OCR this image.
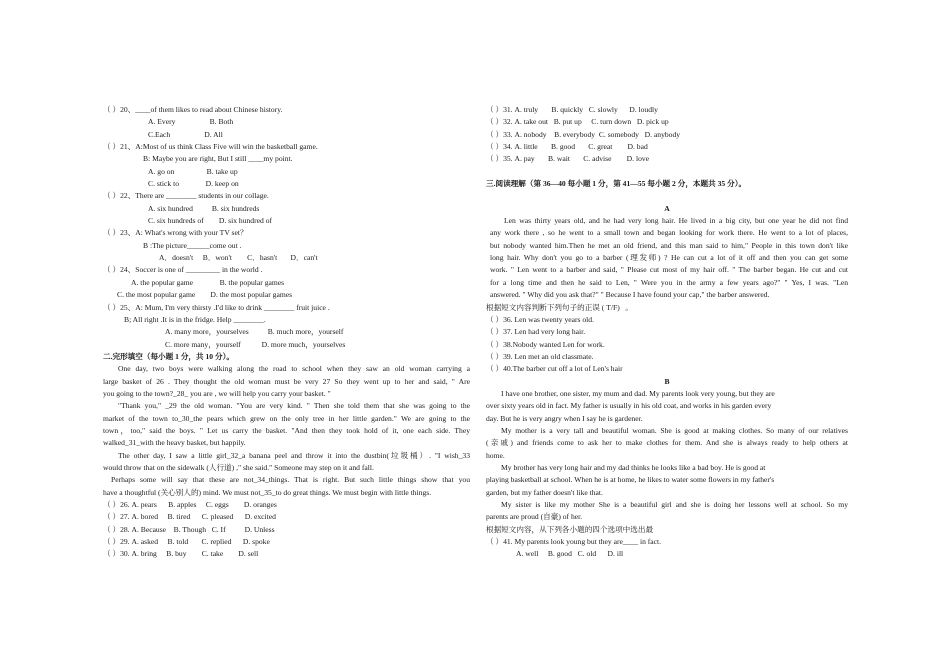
（ ）20、____of them likes to read about Chinese history.
A. Every                  B. Both
C.Each                  D. All
（ ）21、A:Most of us think Class Five will win the basketball game.
B: Maybe you are right, But I still ____my point.
A. go on                 B. take up
C. stick to              D. keep on
（ ）22、There are ________ students in our collage.
A. six hundred          B. six hundreds
C. six hundreds of        D. six hundred of
（ ）23、A: What's wrong with your TV set？
B :The picture______come out .
A．doesn't     B．won't        C．hasn't       D．can't
（ ）24、Soccer is one of _________ in the world .
A. the popular game              B. the popular games
C. the most popular game        D. the most popular games
（ ）25、A: Mum, I'm very thirsty .I'd like to drink ________ fruit juice .
B; All right .It is in the fridge. Help ________.
A. many more，yourselves          B. much more，yourself
C. more many，yourself           D. more much，yourselves
二.完形填空（每小题 1 分，共 10 分）。
One day, two boys were walking along the road to school when they saw an old woman carrying a
large basket of 26 . They thought the old woman must be very 27 So they went up to her and said, " Are
you going to the town?_28_ you are , we will help you carry your basket. "
"Thank you," _29 the old woman. "You are very kind. " Then she told them that she was going to the
market of the town to_30_the pears which grew on the only tree in her little garden." We are going to the
town，too," said the boys. " Let us carry the basket. "And then they took hold of it, one each side. They
walked_31_with the heavy basket, but happily.
The other day, I saw a little girl_32_a banana peel and throw it into the dustbin(垃圾桶）. "I wish_33
would throw that on the sidewalk (人行道) ," she said." Someone may step on it and fall.
Perhaps some will say that these are not_34_things. That is right. But such little things show that you
have a thoughtful (关心别人的) mind. We must not_35_to do great things. We must begin with little things.
（ ）26. A. pears      B. apples     C. eggs        D. oranges
（ ）27. A. bored     B. tired      C. pleased      D. excited
（ ）28. A. Because    B. Though   C. If          D. Unless
（ ）29. A. asked     B. told       C. replied      D. spoke
（ ）30. A. bring     B. buy        C. take        D. sell
（ ）31. A. truly       B. quickly   C. slowly      D. loudly
（ ）32. A. take out   B. put up     C. turn down   D. pick up
（ ）33. A. nobody    B. everybody  C. somebody   D. anybody
（ ）34. A. little       B. good       C. great        D. bad
（ ）35. A. pay       B. wait       C. advise        D. love
三.阅读理解（第 36—40 每小题 1 分，第 41—55 每小题 2 分，本题共 35 分）。
A
Len was thirty years old, and he had very long hair. He lived in a big city, but one year he did not find
any work there , so he went to a small town and began looking for work there. He went to a lot of places,
but nobody wanted him.Then he met an old friend, and this man said to him," People in this town don't like
long hair. Why don't you go to a barber (理发师) ? He can cut a lot of it off and then you can get some
work. " Len went to a barber and said, " Please cut most of my hair off. " The barber began. He cut and cut
for a long time and then he said to Len, " Were you in the army a few years ago?" " Yes, I was. "Len
answered. " Why did you ask that?" " Because I have found your cap," the barber answered.
根据短文内容判断下列句子的正误 ( T/F)   。
（ ）36. Len was twenty years old.
（ ）37. Len had very long hair.
（ ）38.Nobody wanted Len for work.
（ ）39. Len met an old classmate.
（ ）40.The barber cut off a lot of Len's hair
B
I have one brother, one sister, my mum and dad. My parents look very young, but they are
over sixty years old in fact. My father is usually in his old coat, and works in his garden every
day. But he is very angry when I say he is gardener.
My mother is a very tall and beautiful woman. She is good at making clothes. So many of our relatives
(亲戚) and friends come to ask her to make clothes for them. And she is always ready to help others at
home.
My brother has very long hair and my dad thinks he looks like a bad boy. He is good at
playing basketball at school. When he is at home, he likes to water some flowers in my father's
garden, but my father doesn't like that.
My sister is like my mother She is a beautiful girl and she is doing her lessons well at school. So my
parents are proud (自豪) of her.
根据短文内容，从下列各小题的四个选项中选出最
（ ）41. My parents look young but they are____ in fact.
A. well     B. good   C. old      D. ill
